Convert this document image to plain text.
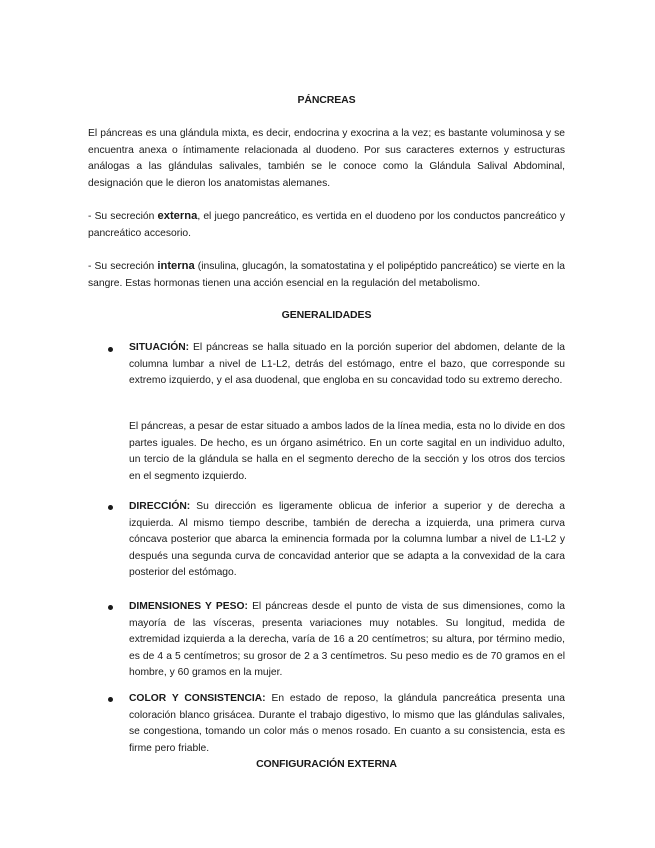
PÁNCREAS

El páncreas es una glándula mixta, es decir, endocrina y exocrina a la vez; es bastante voluminosa y se encuentra anexa o íntimamente relacionada al duodeno. Por sus caracteres externos y estructuras análogas a las glándulas salivales, también se le conoce como la Glándula Salival Abdominal, designación que le dieron los anatomistas alemanes.

- Su secreción externa, el juego pancreático, es vertida en el duodeno por los conductos pancreático y pancreático accesorio.

- Su secreción interna (insulina, glucagón, la somatostatina y el polipéptido pancreático) se vierte en la sangre. Estas hormonas tienen una acción esencial en la regulación del metabolismo.

GENERALIDADES

SITUACIÓN: El páncreas se halla situado en la porción superior del abdomen, delante de la columna lumbar a nivel de L1-L2, detrás del estómago, entre el bazo, que corresponde su extremo izquierdo, y el asa duodenal, que engloba en su concavidad todo su extremo derecho.

El páncreas, a pesar de estar situado a ambos lados de la línea media, esta no lo divide en dos partes iguales. De hecho, es un órgano asimétrico. En un corte sagital en un individuo adulto, un tercio de la glándula se halla en el segmento derecho de la sección y los otros dos tercios en el segmento izquierdo.

DIRECCIÓN: Su dirección es ligeramente oblicua de inferior a superior y de derecha a izquierda. Al mismo tiempo describe, también de derecha a izquierda, una primera curva cóncava posterior que abarca la eminencia formada por la columna lumbar a nivel de L1-L2 y después una segunda curva de concavidad anterior que se adapta a la convexidad de la cara posterior del estómago.

DIMENSIONES Y PESO: El páncreas desde el punto de vista de sus dimensiones, como la mayoría de las vísceras, presenta variaciones muy notables. Su longitud, medida de extremidad izquierda a la derecha, varía de 16 a 20 centímetros; su altura, por término medio, es de 4 a 5 centímetros; su grosor de 2 a 3 centímetros. Su peso medio es de 70 gramos en el hombre, y 60 gramos en la mujer.

COLOR Y CONSISTENCIA: En estado de reposo, la glándula pancreática presenta una coloración blanco grisácea. Durante el trabajo digestivo, lo mismo que las glándulas salivales, se congestiona, tomando un color más o menos rosado. En cuanto a su consistencia, esta es firme pero friable.

CONFIGURACIÓN EXTERNA
